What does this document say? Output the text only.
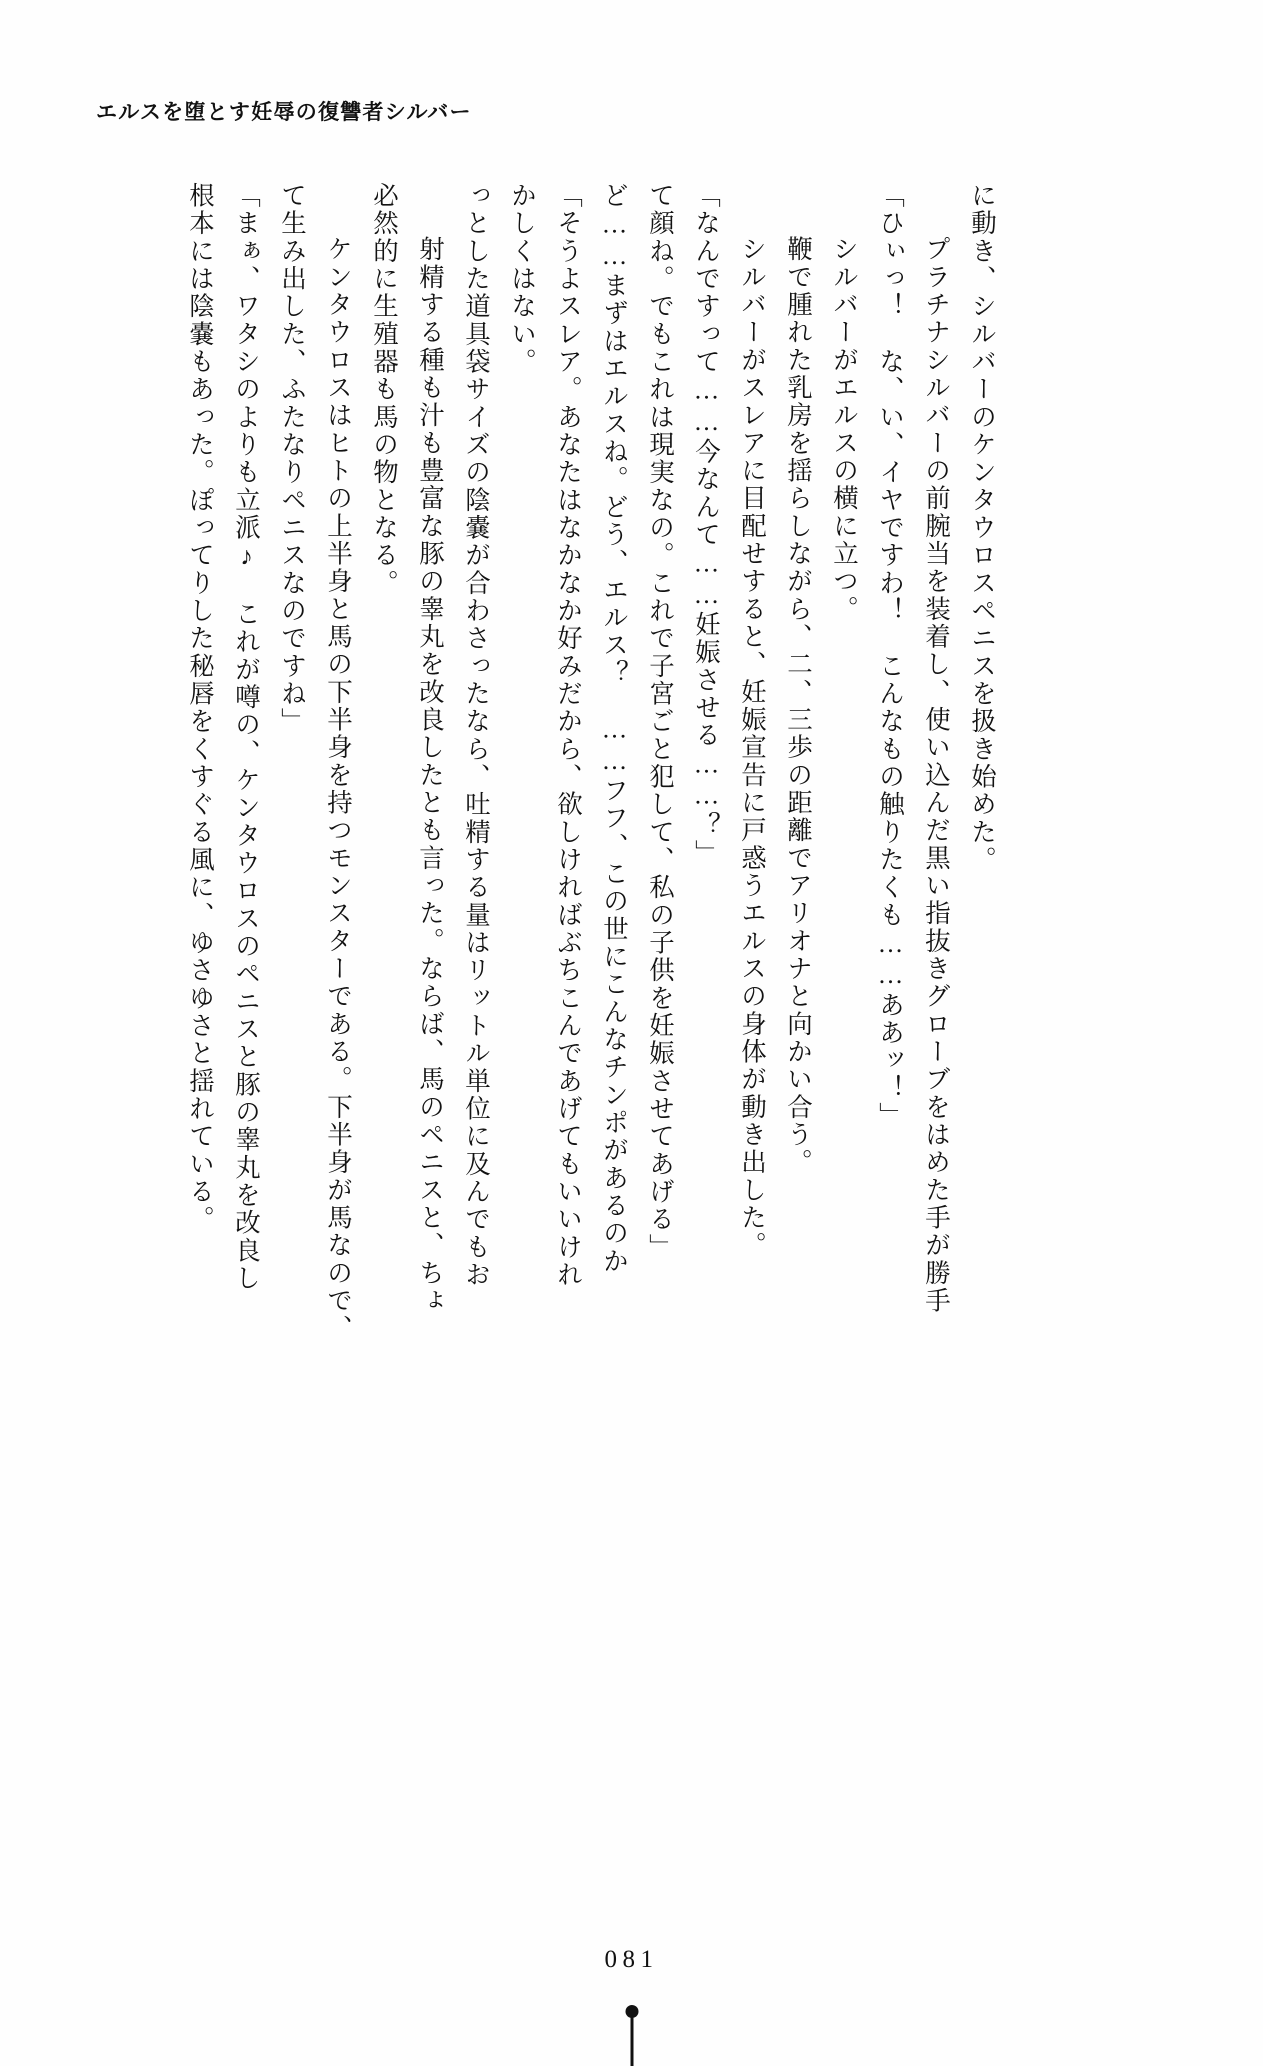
エルスを堕とす妊辱の復讐者シルバー
根本には陰嚢もあった。ぽってりした秘唇をくすぐる風に、ゆさゆさと揺れている。 「まぁ、ワタシのよりも立派♪　これが噂の、ケンタウロスのペニスと豚の睾丸を改良し て生み出した、ふたなりペニスなのですね」 　ケンタウロスはヒトの上半身と馬の下半身を持つモンスターである。下半身が馬なので、 必然的に生殖器も馬の物となる。 　射精する種も汁も豊富な豚の睾丸を改良したとも言った。ならば、馬のペニスと、ちょ っとした道具袋サイズの陰嚢が合わさったなら、吐精する量はリットル単位に及んでもお かしくはない。 「そうよスレア。あなたはなかなか好みだから、欲しければぶちこんであげてもいいけれ ど……まずはエルスね。どう、エルス？　……フフ、この世にこんなチンポがあるのか て顔ね。でもこれは現実なの。これで子宮ごと犯して、私の子供を妊娠させてあげる」 「なんですって……今なんて……妊娠させる……？」 　シルバーがスレアに目配せすると、妊娠宣告に戸惑うエルスの身体が動き出した。 　鞭で腫れた乳房を揺らしながら、二、三歩の距離でアリオナと向かい合う。 　シルバーがエルスの横に立つ。 「ひぃっ！　な、い、イヤですわ！　こんなもの触りたくも……ああッ！」 　プラチナシルバーの前腕当を装着し、使い込んだ黒い指抜きグローブをはめた手が勝手 に動き、シルバーのケンタウロスペニスを扱き始めた。
081
